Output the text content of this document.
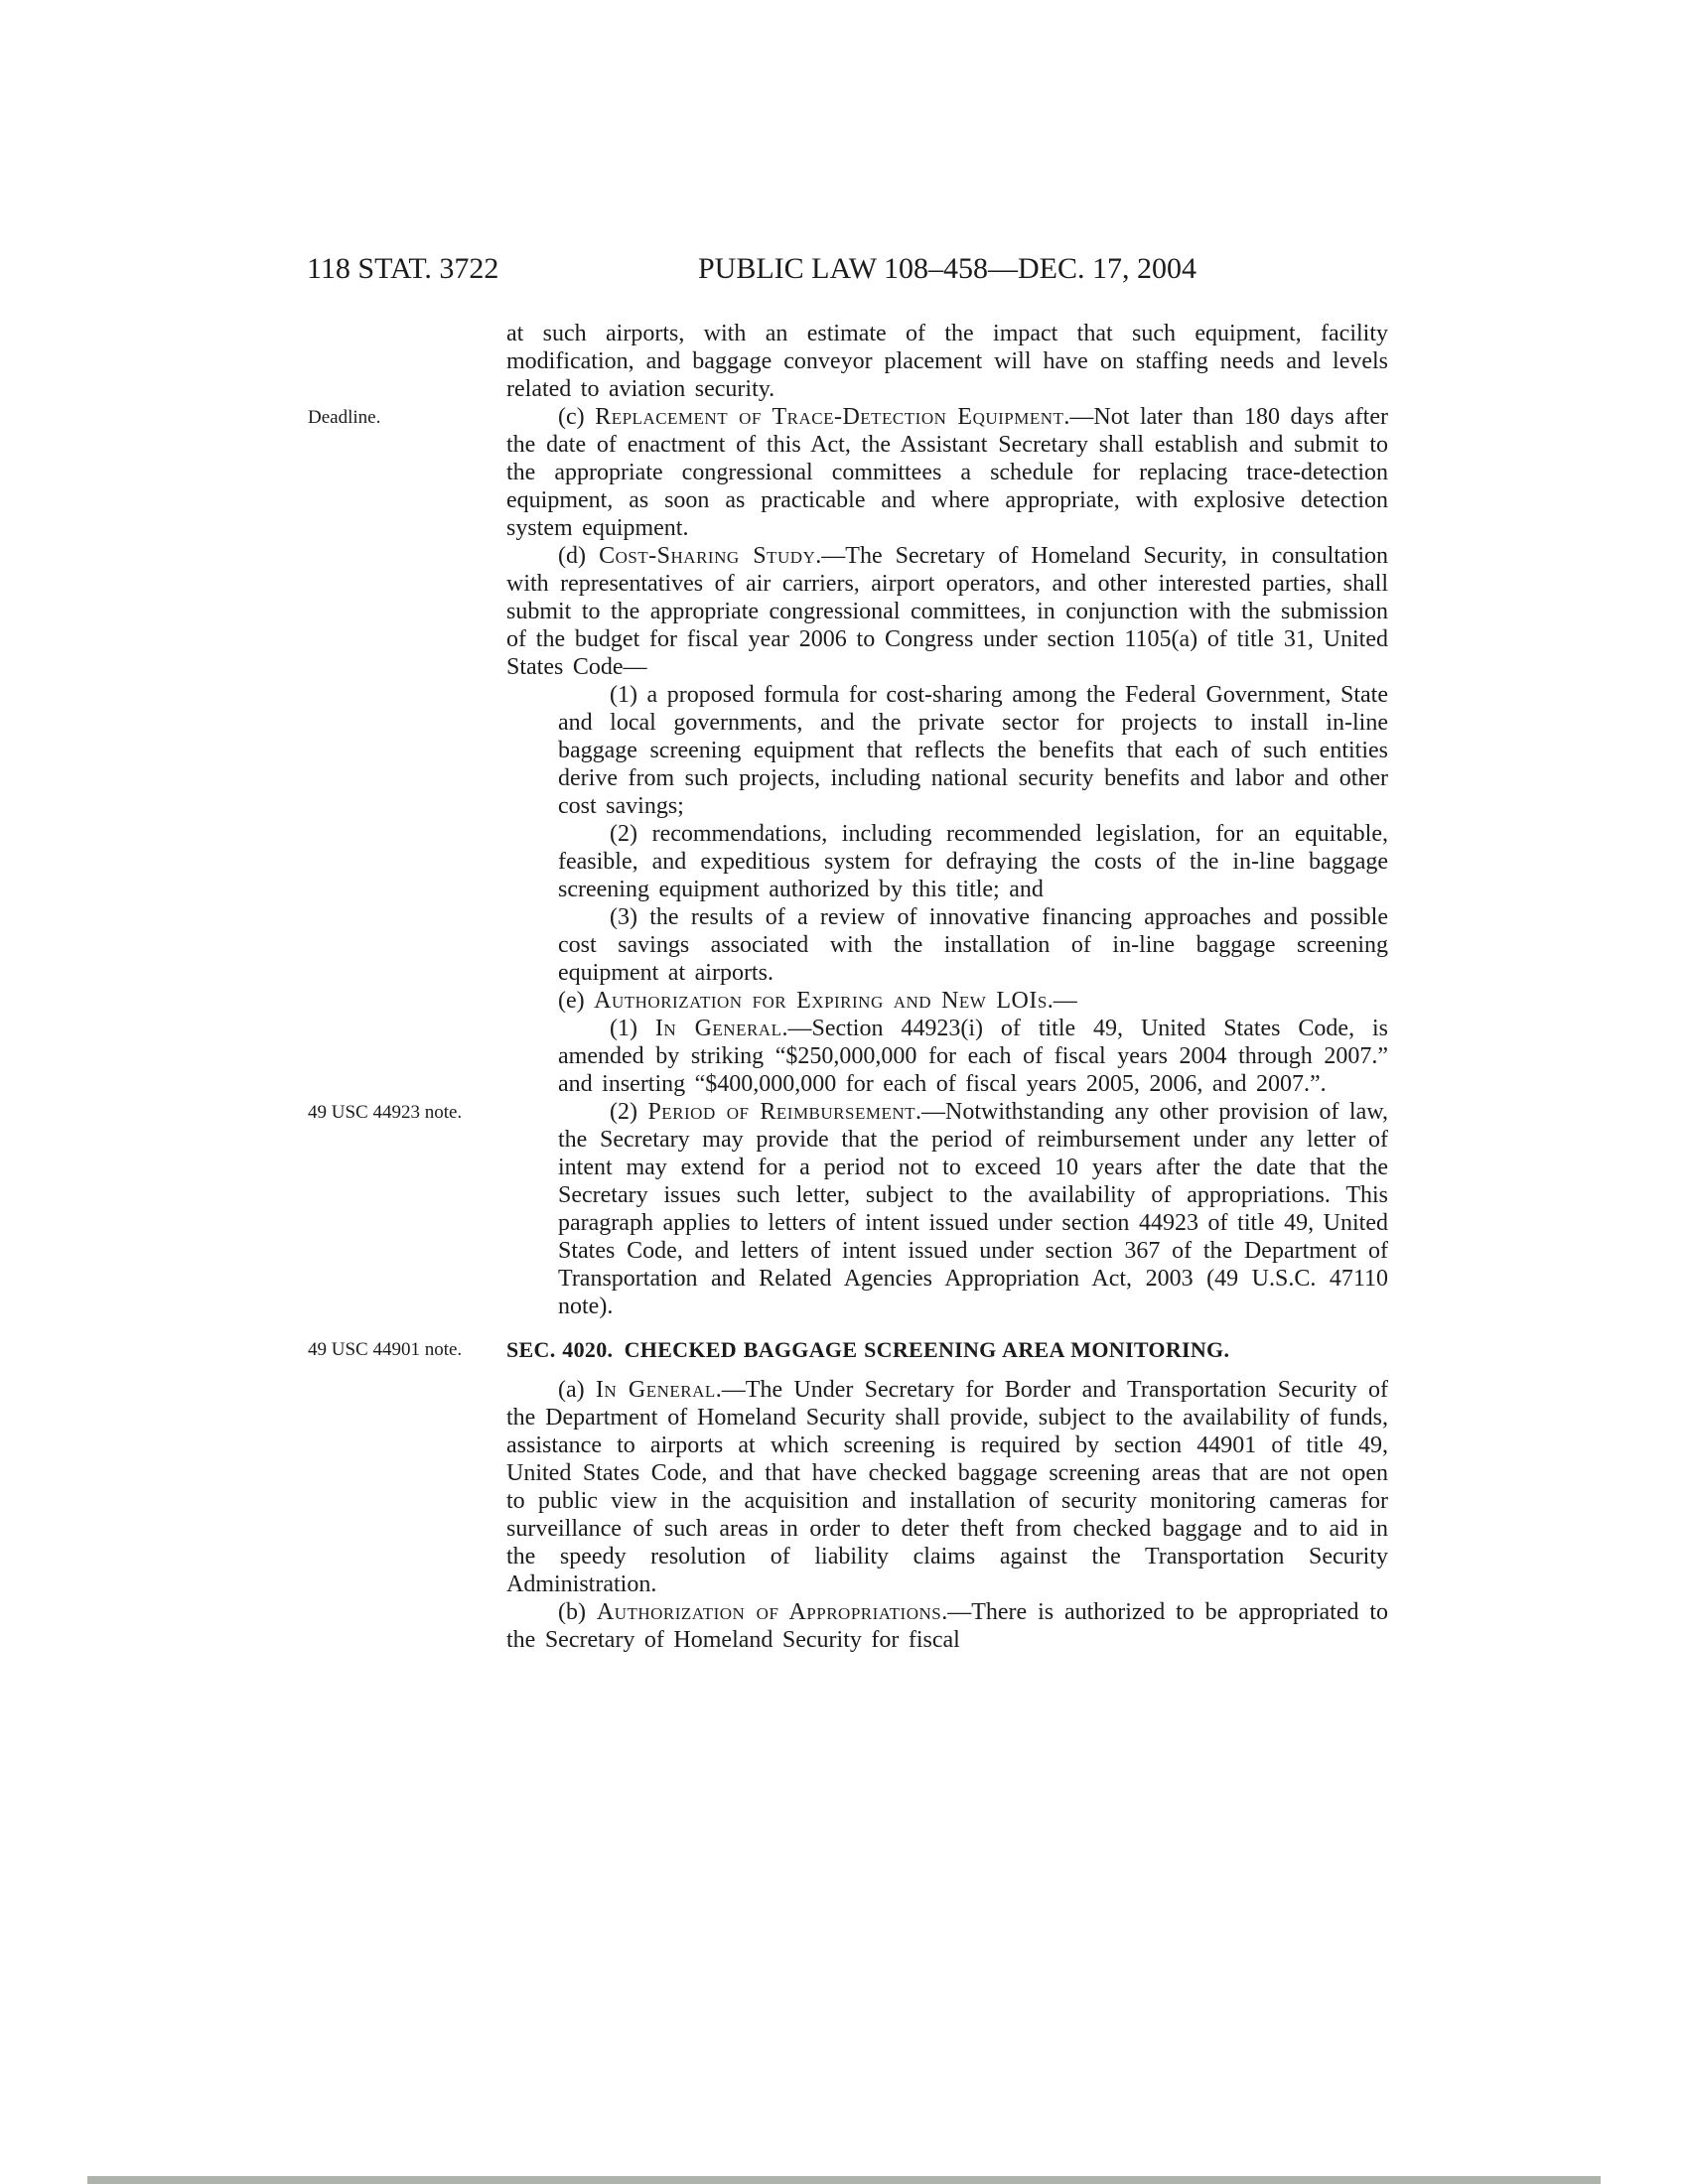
118 STAT. 3722	PUBLIC LAW 108–458—DEC. 17, 2004
at such airports, with an estimate of the impact that such equipment, facility modification, and baggage conveyor placement will have on staffing needs and levels related to aviation security.
Deadline.	(c) Replacement of Trace-Detection Equipment.—Not later than 180 days after the date of enactment of this Act, the Assistant Secretary shall establish and submit to the appropriate congressional committees a schedule for replacing trace-detection equipment, as soon as practicable and where appropriate, with explosive detection system equipment.
(d) Cost-Sharing Study.—The Secretary of Homeland Security, in consultation with representatives of air carriers, airport operators, and other interested parties, shall submit to the appropriate congressional committees, in conjunction with the submission of the budget for fiscal year 2006 to Congress under section 1105(a) of title 31, United States Code—
(1) a proposed formula for cost-sharing among the Federal Government, State and local governments, and the private sector for projects to install in-line baggage screening equipment that reflects the benefits that each of such entities derive from such projects, including national security benefits and labor and other cost savings;
(2) recommendations, including recommended legislation, for an equitable, feasible, and expeditious system for defraying the costs of the in-line baggage screening equipment authorized by this title; and
(3) the results of a review of innovative financing approaches and possible cost savings associated with the installation of in-line baggage screening equipment at airports.
(e) Authorization for Expiring and New LOIs.—
(1) In General.—Section 44923(i) of title 49, United States Code, is amended by striking “$250,000,000 for each of fiscal years 2004 through 2007.” and inserting “$400,000,000 for each of fiscal years 2005, 2006, and 2007.”.
49 USC 44923 note.	(2) Period of Reimbursement.—Notwithstanding any other provision of law, the Secretary may provide that the period of reimbursement under any letter of intent may extend for a period not to exceed 10 years after the date that the Secretary issues such letter, subject to the availability of appropriations. This paragraph applies to letters of intent issued under section 44923 of title 49, United States Code, and letters of intent issued under section 367 of the Department of Transportation and Related Agencies Appropriation Act, 2003 (49 U.S.C. 47110 note).
49 USC 44901 note.	SEC. 4020. CHECKED BAGGAGE SCREENING AREA MONITORING.
(a) In General.—The Under Secretary for Border and Transportation Security of the Department of Homeland Security shall provide, subject to the availability of funds, assistance to airports at which screening is required by section 44901 of title 49, United States Code, and that have checked baggage screening areas that are not open to public view in the acquisition and installation of security monitoring cameras for surveillance of such areas in order to deter theft from checked baggage and to aid in the speedy resolution of liability claims against the Transportation Security Administration.
(b) Authorization of Appropriations.—There is authorized to be appropriated to the Secretary of Homeland Security for fiscal
